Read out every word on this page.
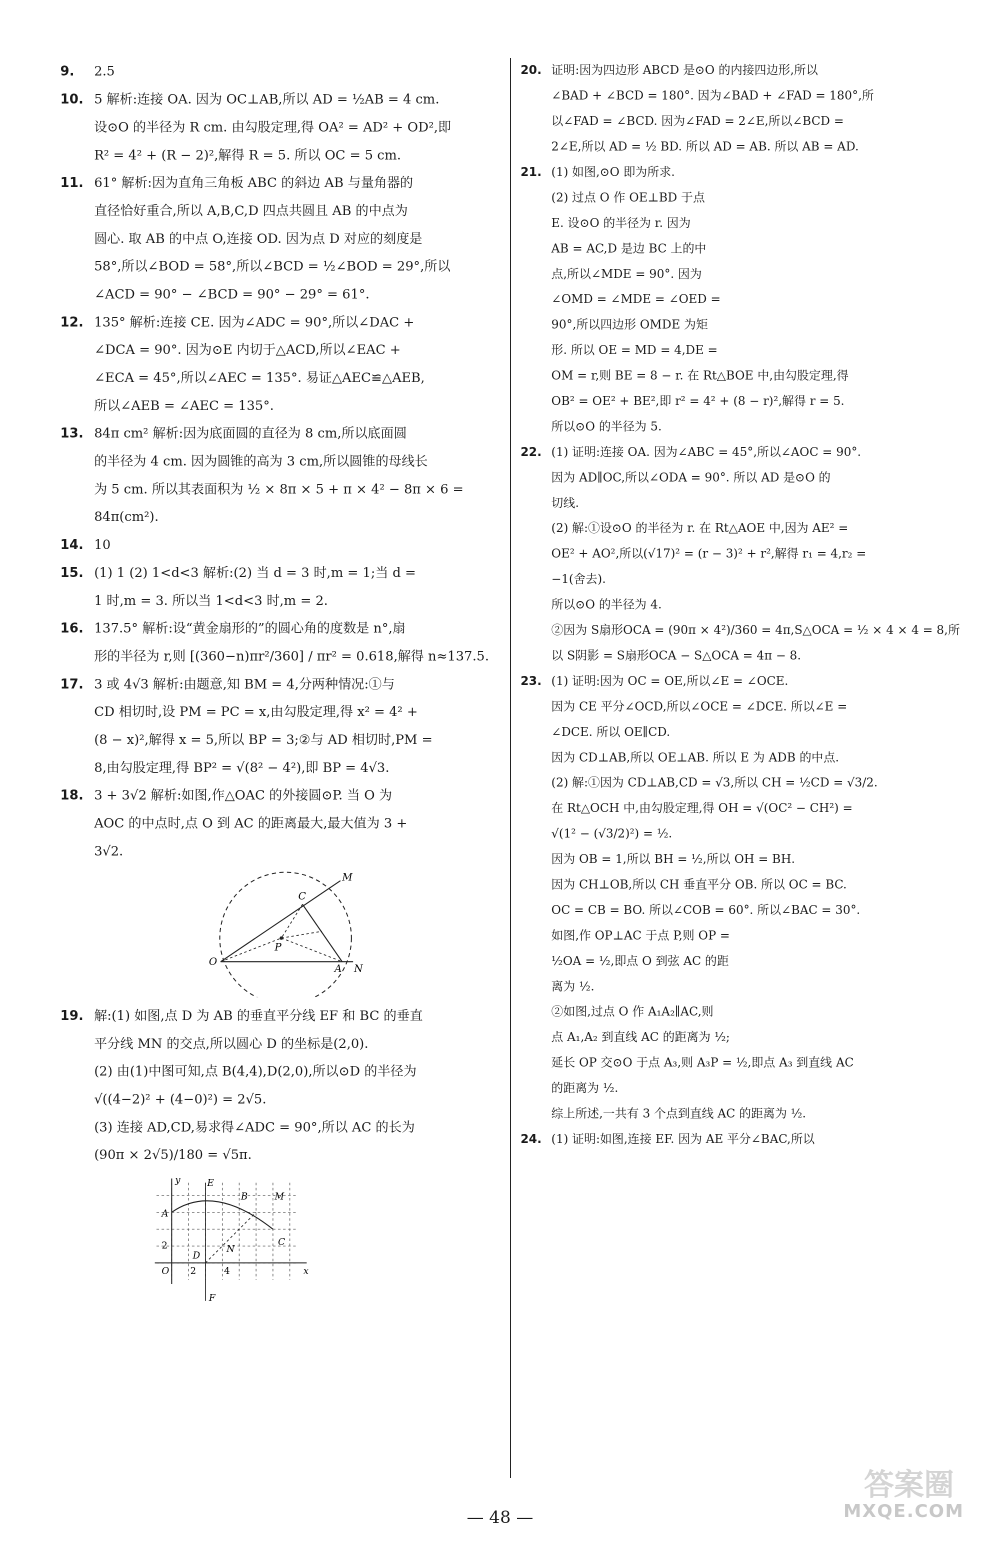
9. 2.5
10. 5 解析:连接 OA. 因为 OC⊥AB,所以 AD = ½AB = 4 cm.
设⊙O 的半径为 R cm. 由勾股定理,得 OA² = AD² + OD²,即
R² = 4² + (R − 2)²,解得 R = 5. 所以 OC = 5 cm.
11. 61° 解析:因为直角三角板 ABC 的斜边 AB 与量角器的
直径恰好重合,所以 A,B,C,D 四点共圆且 AB 的中点为
圆心. 取 AB 的中点 O,连接 OD. 因为点 D 对应的刻度是
58°,所以∠BOD = 58°,所以∠BCD = ½∠BOD = 29°,所以
∠ACD = 90° − ∠BCD = 90° − 29° = 61°.
12. 135° 解析:连接 CE. 因为∠ADC = 90°,所以∠DAC +
∠DCA = 90°. 因为⊙E 内切于△ACD,所以∠EAC +
∠ECA = 45°,所以∠AEC = 135°. 易证△AEC≌△AEB,
所以∠AEB = ∠AEC = 135°.
13. 84π cm² 解析:因为底面圆的直径为 8 cm,所以底面圆
的半径为 4 cm. 因为圆锥的高为 3 cm,所以圆锥的母线长
为 5 cm. 所以其表面积为 ½ × 8π × 5 + π × 4² − 8π × 6 =
84π(cm²).
14. 10
15. (1) 1 (2) 1<d<3 解析:(2) 当 d = 3 时,m = 1;当 d =
1 时,m = 3. 所以当 1<d<3 时,m = 2.
16. 137.5° 解析:设“黄金扇形的”的圆心角的度数是 n°,扇
形的半径为 r,则 [(360−n)πr²/360] / πr² = 0.618,解得 n≈137.5.
17. 3 或 4√3 解析:由题意,知 BM = 4,分两种情况:①与
CD 相切时,设 PM = PC = x,由勾股定理,得 x² = 4² +
(8 − x)²,解得 x = 5,所以 BP = 3;②与 AD 相切时,PM =
8,由勾股定理,得 BP² = √(8² − 4²),即 BP = 4√3.
18. 3 + 3√2 解析:如图,作△OAC 的外接圆⊙P. 当 O 为
AOC 的中点时,点 O 到 AC 的距离最大,最大值为 3 +
3√2.
M
C
P
O
A N
19. 解:(1) 如图,点 D 为 AB 的垂直平分线 EF 和 BC 的垂直
平分线 MN 的交点,所以圆心 D 的坐标是(2,0).
(2) 由(1)中图可知,点 B(4,4),D(2,0),所以⊙D 的半径为
√((4−2)² + (4−0)²) = 2√5.
(3) 连接 AD,CD,易求得∠ADC = 90°,所以 AC 的长为
(90π × 2√5)/180 = √5π.
y E
B M
A
2
D
N
C
O 2	4	x
F
20. 证明:因为四边形 ABCD 是⊙O 的内接四边形,所以
∠BAD + ∠BCD = 180°. 因为∠BAD + ∠FAD = 180°,所
以∠FAD = ∠BCD. 因为∠FAD = 2∠E,所以∠BCD =
2∠E,所以 AD = ½ BD. 所以 AD = AB. 所以 AB = AD.
21. (1) 如图,⊙O 即为所求.
(2) 过点 O 作 OE⊥BD 于点
E. 设⊙O 的半径为 r. 因为
AB = AC,D 是边 BC 上的中
点,所以∠MDE = 90°. 因为
∠OMD = ∠MDE = ∠OED =
90°,所以四边形 OMDE 为矩
形. 所以 OE = MD = 4,DE =
OM = r,则 BE = 8 − r. 在 Rt△BOE 中,由勾股定理,得
OB² = OE² + BE²,即 r² = 4² + (8 − r)²,解得 r = 5.
所以⊙O 的半径为 5.
22. (1) 证明:连接 OA. 因为∠ABC = 45°,所以∠AOC = 90°.
因为 AD∥OC,所以∠ODA = 90°. 所以 AD 是⊙O 的
切线.
(2) 解:①设⊙O 的半径为 r. 在 Rt△AOE 中,因为 AE² =
OE² + AO²,所以(√17)² = (r − 3)² + r²,解得 r₁ = 4,r₂ =
−1(舍去).
所以⊙O 的半径为 4.
②因为 S扇形OCA = (90π × 4²)/360 = 4π,S△OCA = ½ × 4 × 4 = 8,所
以 S阴影 = S扇形OCA − S△OCA = 4π − 8.
23. (1) 证明:因为 OC = OE,所以∠E = ∠OCE.
因为 CE 平分∠OCD,所以∠OCE = ∠DCE. 所以∠E =
∠DCE. 所以 OE∥CD.
因为 CD⊥AB,所以 OE⊥AB. 所以 E 为 ADB 的中点.
(2) 解:①因为 CD⊥AB,CD = √3,所以 CH = ½CD = √3/2.
在 Rt△OCH 中,由勾股定理,得 OH = √(OC² − CH²) =
√(1² − (√3/2)²) = ½.
因为 OB = 1,所以 BH = ½,所以 OH = BH.
因为 CH⊥OB,所以 CH 垂直平分 OB. 所以 OC = BC.
OC = CB = BO. 所以∠COB = 60°. 所以∠BAC = 30°.
如图,作 OP⊥AC 于点 P,则 OP =
½OA = ½,即点 O 到弦 AC 的距
离为 ½.
②如图,过点 O 作 A₁A₂∥AC,则
点 A₁,A₂ 到直线 AC 的距离为 ½;
延长 OP 交⊙O 于点 A₃,则 A₃P = ½,即点 A₃ 到直线 AC
的距离为 ½.
综上所述,一共有 3 个点到直线 AC 的距离为 ½.
24. (1) 证明:如图,连接 EF. 因为 AE 平分∠BAC,所以
— 48 —
答案圈
MXQE.COM
